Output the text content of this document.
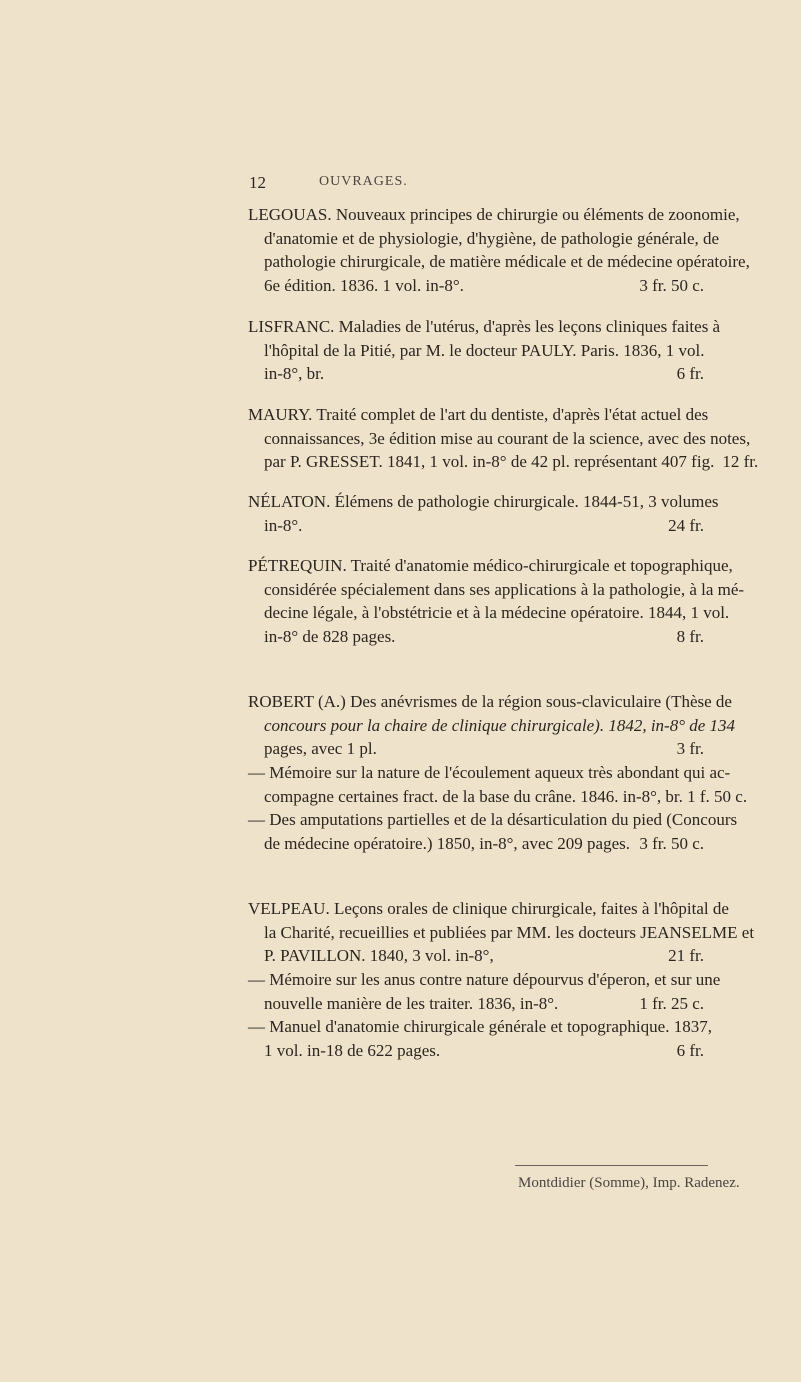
12	OUVRAGES.
LEGOUAS. Nouveaux principes de chirurgie ou éléments de zoonomie,
d'anatomie et de physiologie, d'hygiène, de pathologie générale, de
pathologie chirurgicale, de matière médicale et de médecine opératoire,
6e édition. 1836. 1 vol. in-8°.	3 fr. 50 c.
LISFRANC. Maladies de l'utérus, d'après les leçons cliniques faites à
l'hôpital de la Pitié, par M. le docteur PAULY. Paris. 1836, 1 vol.
in-8°, br.	6 fr.
MAURY. Traité complet de l'art du dentiste, d'après l'état actuel des
connaissances, 3e édition mise au courant de la science, avec des notes,
par P. GRESSET. 1841, 1 vol. in-8° de 42 pl. représentant 407 fig. 12 fr.
NÉLATON. Élémens de pathologie chirurgicale. 1844-51, 3 volumes
in-8°.	24 fr.
PÉTREQUIN. Traité d'anatomie médico-chirurgicale et topographique,
considérée spécialement dans ses applications à la pathologie, à la mé-
decine légale, à l'obstétricie et à la médecine opératoire. 1844, 1 vol.
in-8° de 828 pages.	8 fr.
ROBERT (A.) Des anévrismes de la région sous-claviculaire (Thèse de
concours pour la chaire de clinique chirurgicale). 1842, in-8° de 134
pages, avec 1 pl.	3 fr.
— Mémoire sur la nature de l'écoulement aqueux très abondant qui ac-
compagne certaines fract. de la base du crâne. 1846. in-8°, br. 1 f. 50 c.
— Des amputations partielles et de la désarticulation du pied (Concours
de médecine opératoire.) 1850, in-8°, avec 209 pages. 3 fr. 50 c.
VELPEAU. Leçons orales de clinique chirurgicale, faites à l'hôpital de
la Charité, recueillies et publiées par MM. les docteurs JEANSELME et
P. PAVILLON. 1840, 3 vol. in-8°,	21 fr.
— Mémoire sur les anus contre nature dépourvus d'éperon, et sur une
nouvelle manière de les traiter. 1836, in-8°.	1 fr. 25 c.
— Manuel d'anatomie chirurgicale générale et topographique. 1837,
1 vol. in-18 de 622 pages.	6 fr.
Montdidier (Somme), Imp. Radenez.
